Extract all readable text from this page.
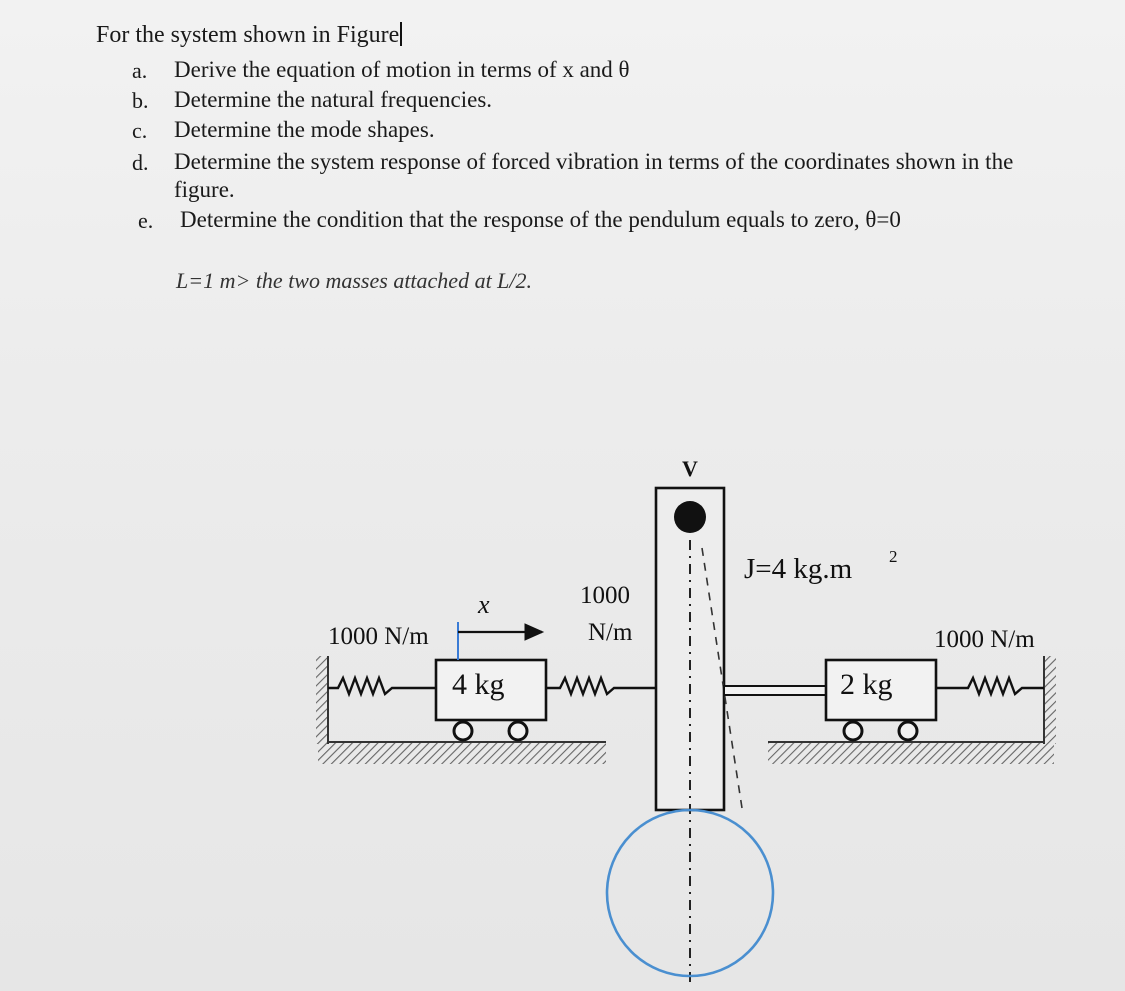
For the system shown in Figure
a. Derive the equation of motion in terms of x and θ
b. Determine the natural frequencies.
c. Determine the mode shapes.
d. Determine the system response of forced vibration in terms of the coordinates shown in the
figure.
e. Determine the condition that the response of the pendulum equals to zero, θ=0
L=1 m> the two masses attached at L/2.
1000 N/m
4 kg
x	1000
N/m	1000 N/m
2 kg
J=4 kg.m 2
V
